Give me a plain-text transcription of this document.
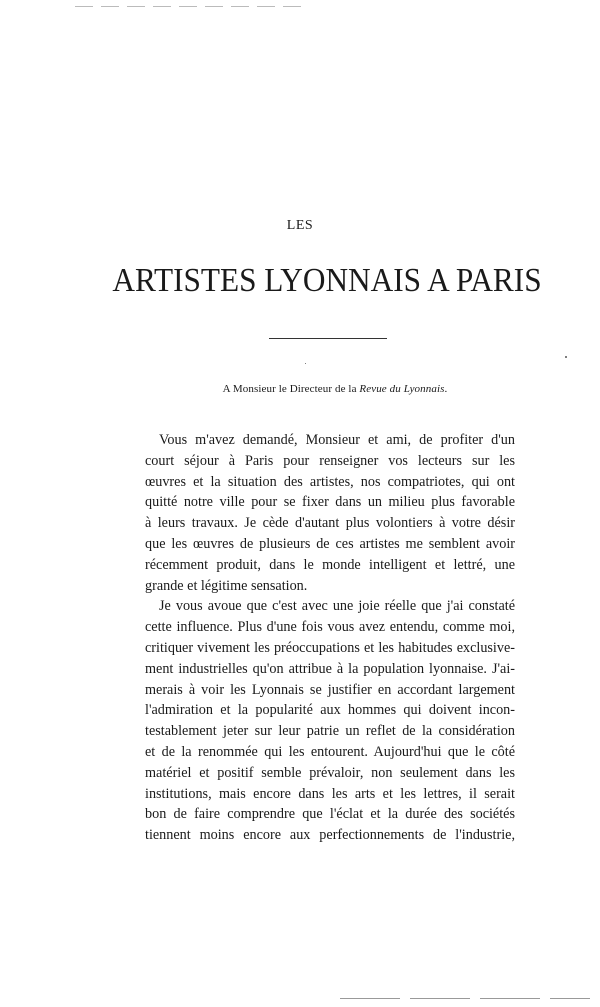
LES
ARTISTES LYONNAIS A PARIS
A Monsieur le Directeur de la Revue du Lyonnais.

Vous m'avez demandé, Monsieur et ami, de profiter d'un
court séjour à Paris pour renseigner vos lecteurs sur les
œuvres et la situation des artistes, nos compatriotes, qui ont
quitté notre ville pour se fixer dans un milieu plus favorable
à leurs travaux. Je cède d'autant plus volontiers à votre désir
que les œuvres de plusieurs de ces artistes me semblent avoir
récemment produit, dans le monde intelligent et lettré, une
grande et légitime sensation.

Je vous avoue que c'est avec une joie réelle que j'ai constaté
cette influence. Plus d'une fois vous avez entendu, comme moi,
critiquer vivement les préoccupations et les habitudes exclusive-
ment industrielles qu'on attribue à la population lyonnaise. J'ai-
merais à voir les Lyonnais se justifier en accordant largement
l'admiration et la popularité aux hommes qui doivent incon-
testablement jeter sur leur patrie un reflet de la considération
et de la renommée qui les entourent. Aujourd'hui que le côté
matériel et positif semble prévaloir, non seulement dans les
institutions, mais encore dans les arts et les lettres, il serait
bon de faire comprendre que l'éclat et la durée des sociétés
tiennent moins encore aux perfectionnements de l'industrie,
